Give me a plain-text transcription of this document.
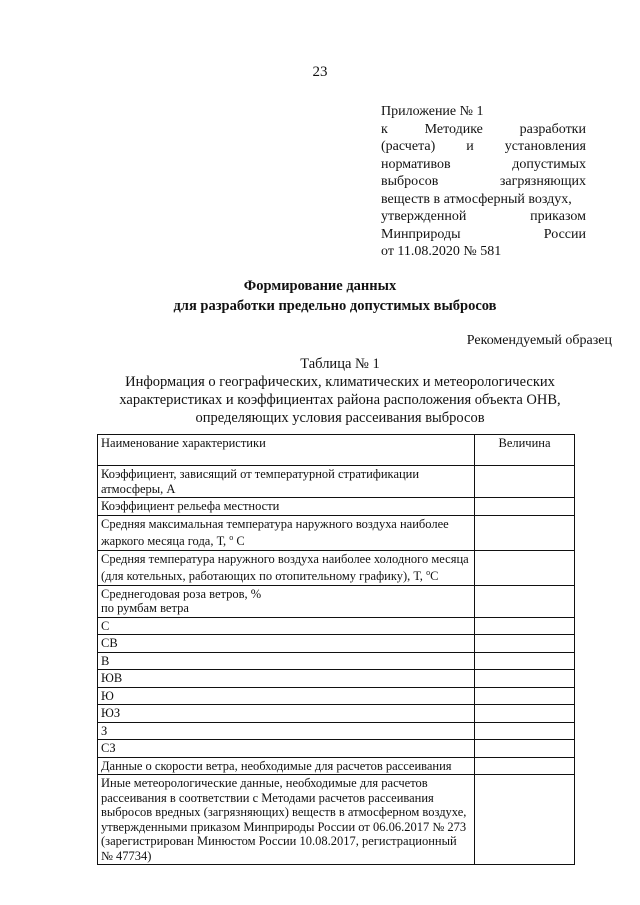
23
Приложение № 1
к	Методике	разработки
(расчета) и установления
нормативов	допустимых
выбросов	загрязняющих
веществ в атмосферный воздух,
утвержденной	приказом
Минприроды	России
от 11.08.2020 № 581
Формирование данных
для разработки предельно допустимых выбросов
Рекомендуемый образец
Таблица № 1
Информация о географических, климатических и метеорологических
характеристиках и коэффициентах района расположения объекта ОНВ,
определяющих условия рассеивания выбросов
Наименование характеристики	Величина
Коэффициент, зависящий от температурной стратификации атмосферы, А	
Коэффициент рельефа местности	
Средняя максимальная температура наружного воздуха наиболее жаркого месяца года, Т, $^о$ С	
Средняя температура наружного воздуха наиболее холодного месяца (для котельных, работающих по отопительному графику), Т, $^о$С	

Среднегодовая роза ветров, %
по румбам ветра	

С	
СВ	
В	
ЮВ	
Ю	
ЮЗ	
З	
СЗ	
Данные о скорости ветра, необходимые для расчетов рассеивания	
Иные метеорологические данные, необходимые для расчетов рассеивания в соответствии с Методами расчетов рассеивания выбросов вредных (загрязняющих) веществ в атмосферном воздухе, утвержденными приказом Минприроды России от 06.06.2017 № 273 (зарегистрирован Минюстом России 10.08.2017, регистрационный № 47734)	
